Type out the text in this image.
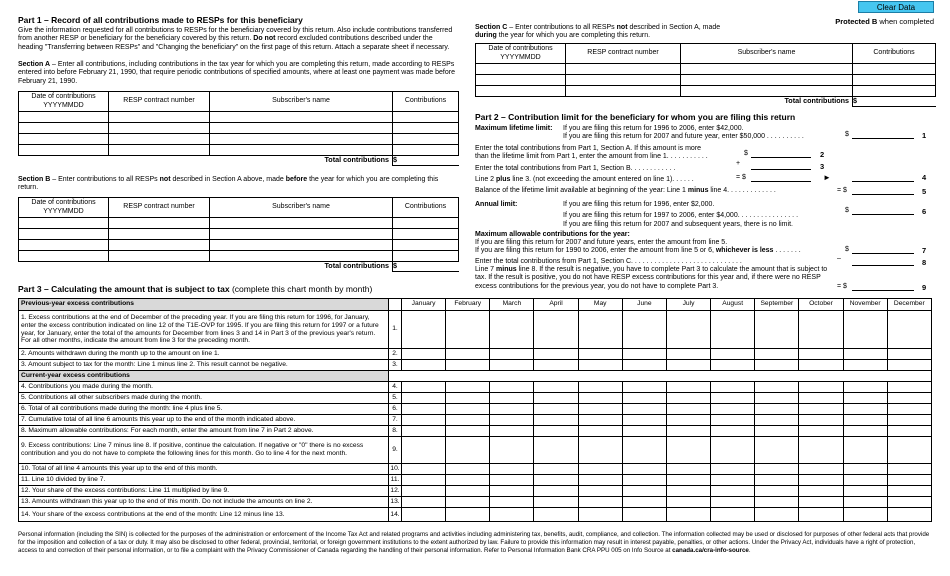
Clear Data
Protected B when completed
Part 1 – Record of all contributions made to RESPs for this beneficiary
Give the information requested for all contributions to RESPs for the beneficiary covered by this return. Also include contributions transferred from another RESP or beneficiary for the beneficiary covered by this return. Do not record excluded contributions described under the heading "Transferring between RESPs" and "Changing the beneficiary" on the first page of this return. Attach a separate sheet if necessary.
Section A – Enter all contributions, including contributions in the tax year for which you are completing this return, made according to RESPs entered into before February 21, 1990, that require periodic contributions of specified amounts, where at least one payment was made before February 21, 1990.
Date of contributions
YYYYMMDD	RESP contract number	Subscriber's name	Contributions

Total contributions			$
Section B – Enter contributions to all RESPs not described in Section A above, made before the year for which you are completing this return.
Date of contributions
YYYYMMDD	RESP contract number	Subscriber's name	Contributions

Total contributions			$
Section C – Enter contributions to all RESPs not described in Section A, made
during the year for which you are completing this return.
Date of contributions
YYYYMMDD	RESP contract number	Subscriber's name	Contributions

Total contributions			$
Part 2 – Contribution limit for the beneficiary for whom you are filing this return
Maximum lifetime limit: If you are filing this return for 1996 to 2006, enter $42,000.
If you are filing this return for 2007 and future year, enter $50,000 . . . . . . . . . .	$	1
Enter the total contributions from Part 1, Section A. If this amount is more
than the lifetime limit from Part 1, enter the amount from line 1. . . . . . . . . . .	$	2
Enter the total contributions from Part 1, Section B. . . . . . . . . . . .
+	3
Line 2 plus line 3. (not exceeding the amount entered on line 1). . . . . .	= $	►	4
Balance of the lifetime limit available at beginning of the year: Line 1 minus line 4. . . . . . . . . . . . .	= $	5
Annual limit:	If you are filing this return for 1996, enter $2,000.
If you are filing this return for 1997 to 2006, enter $4,000. . . . . . . . . . . . . . . .
If you are filing this return for 2007 and subsequent years, there is no limit.
$	6
Maximum allowable contributions for the year:
If you are filing this return for 2007 and future years, enter the amount from line 5.
If you are filing this return for 1990 to 2006, enter the amount from line 5 or 6, whichever is less . . . . . . .	$	7
Enter the total contributions from Part 1, Section C. . . . . . . . . . . . . . . . . . . . . . . . . . . . .	–	8
Line 7 minus line 8. If the result is negative, you have to complete Part 3 to calculate the amount that is subject to tax. If the result is positive, you do not have RESP excess contributions for this year and, if there were no RESP excess contributions for the previous year, you do not have to complete Part 3.	= $	9
Part 3 – Calculating the amount that is subject to tax (complete this chart month by month)
Previous-year excess contributions		January	February	March	April	May	June	July	August	September	October	November	December
1. Excess contributions at the end of December of the preceding year. If you are filing this return for 1996, for January, enter the excess contribution indicated on line 12 of the T1E-OVP for 1995. If you are filing this return for 1997 or a future year, for January, enter the total of the amounts for December from lines 3 and 14 in Part 3 of the previous year's return. For all other months, indicate the amount from line 3 for the preceding month.	1.												
2. Amounts withdrawn during the month up to the amount on line 1.	2.												
3. Amount subject to tax for the month: Line 1 minus line 2. This result cannot be negative.	3.												
Current-year excess contributions													
4. Contributions you made during the month.	4.												
5. Contributions all other subscribers made during the month.	5.												
6. Total of all contributions made during the month: line 4 plus line 5.	6.												
7. Cumulative total of all line 6 amounts this year up to the end of the month indicated above.	7.												
8. Maximum allowable contributions: For each month, enter the amount from line 7 in Part 2 above.	8.												
9. Excess contributions: Line 7 minus line 8. If positive, continue the calculation. If negative or "0" there is no excess contribution and you do not have to complete the following lines for this month. Go to line 4 for the next month.	9.												
10. Total of all line 4 amounts this year up to the end of this month.	10.												
11. Line 10 divided by line 7.	11.												
12. Your share of the excess contributions: Line 11 multiplied by line 9.	12.												
13. Amounts withdrawn this year up to the end of this month. Do not include the amounts on line 2.	13.												
14. Your share of the excess contributions at the end of the month: Line 12 minus line 13.	14.												
Personal information (including the SIN) is collected for the purposes of the administration or enforcement of the Income Tax Act and related programs and activities including administering tax, benefits, audit, compliance, and collection. The information collected may be used or disclosed for purposes of other federal acts that provide for the imposition and collection of a tax or duty. It may also be disclosed to other federal, provincial, territorial, or foreign government institutions to the extent authorized by law. Failure to provide this information may result in interest payable, penalties, or other actions. Under the Privacy Act, individuals have a right of protection, access to and correction of their personal information, or to file a complaint with the Privacy Commissioner of Canada regarding the handling of their personal information. Refer to Personal Information Bank CRA PPU 005 on Info Source at canada.ca/cra-info-source.
